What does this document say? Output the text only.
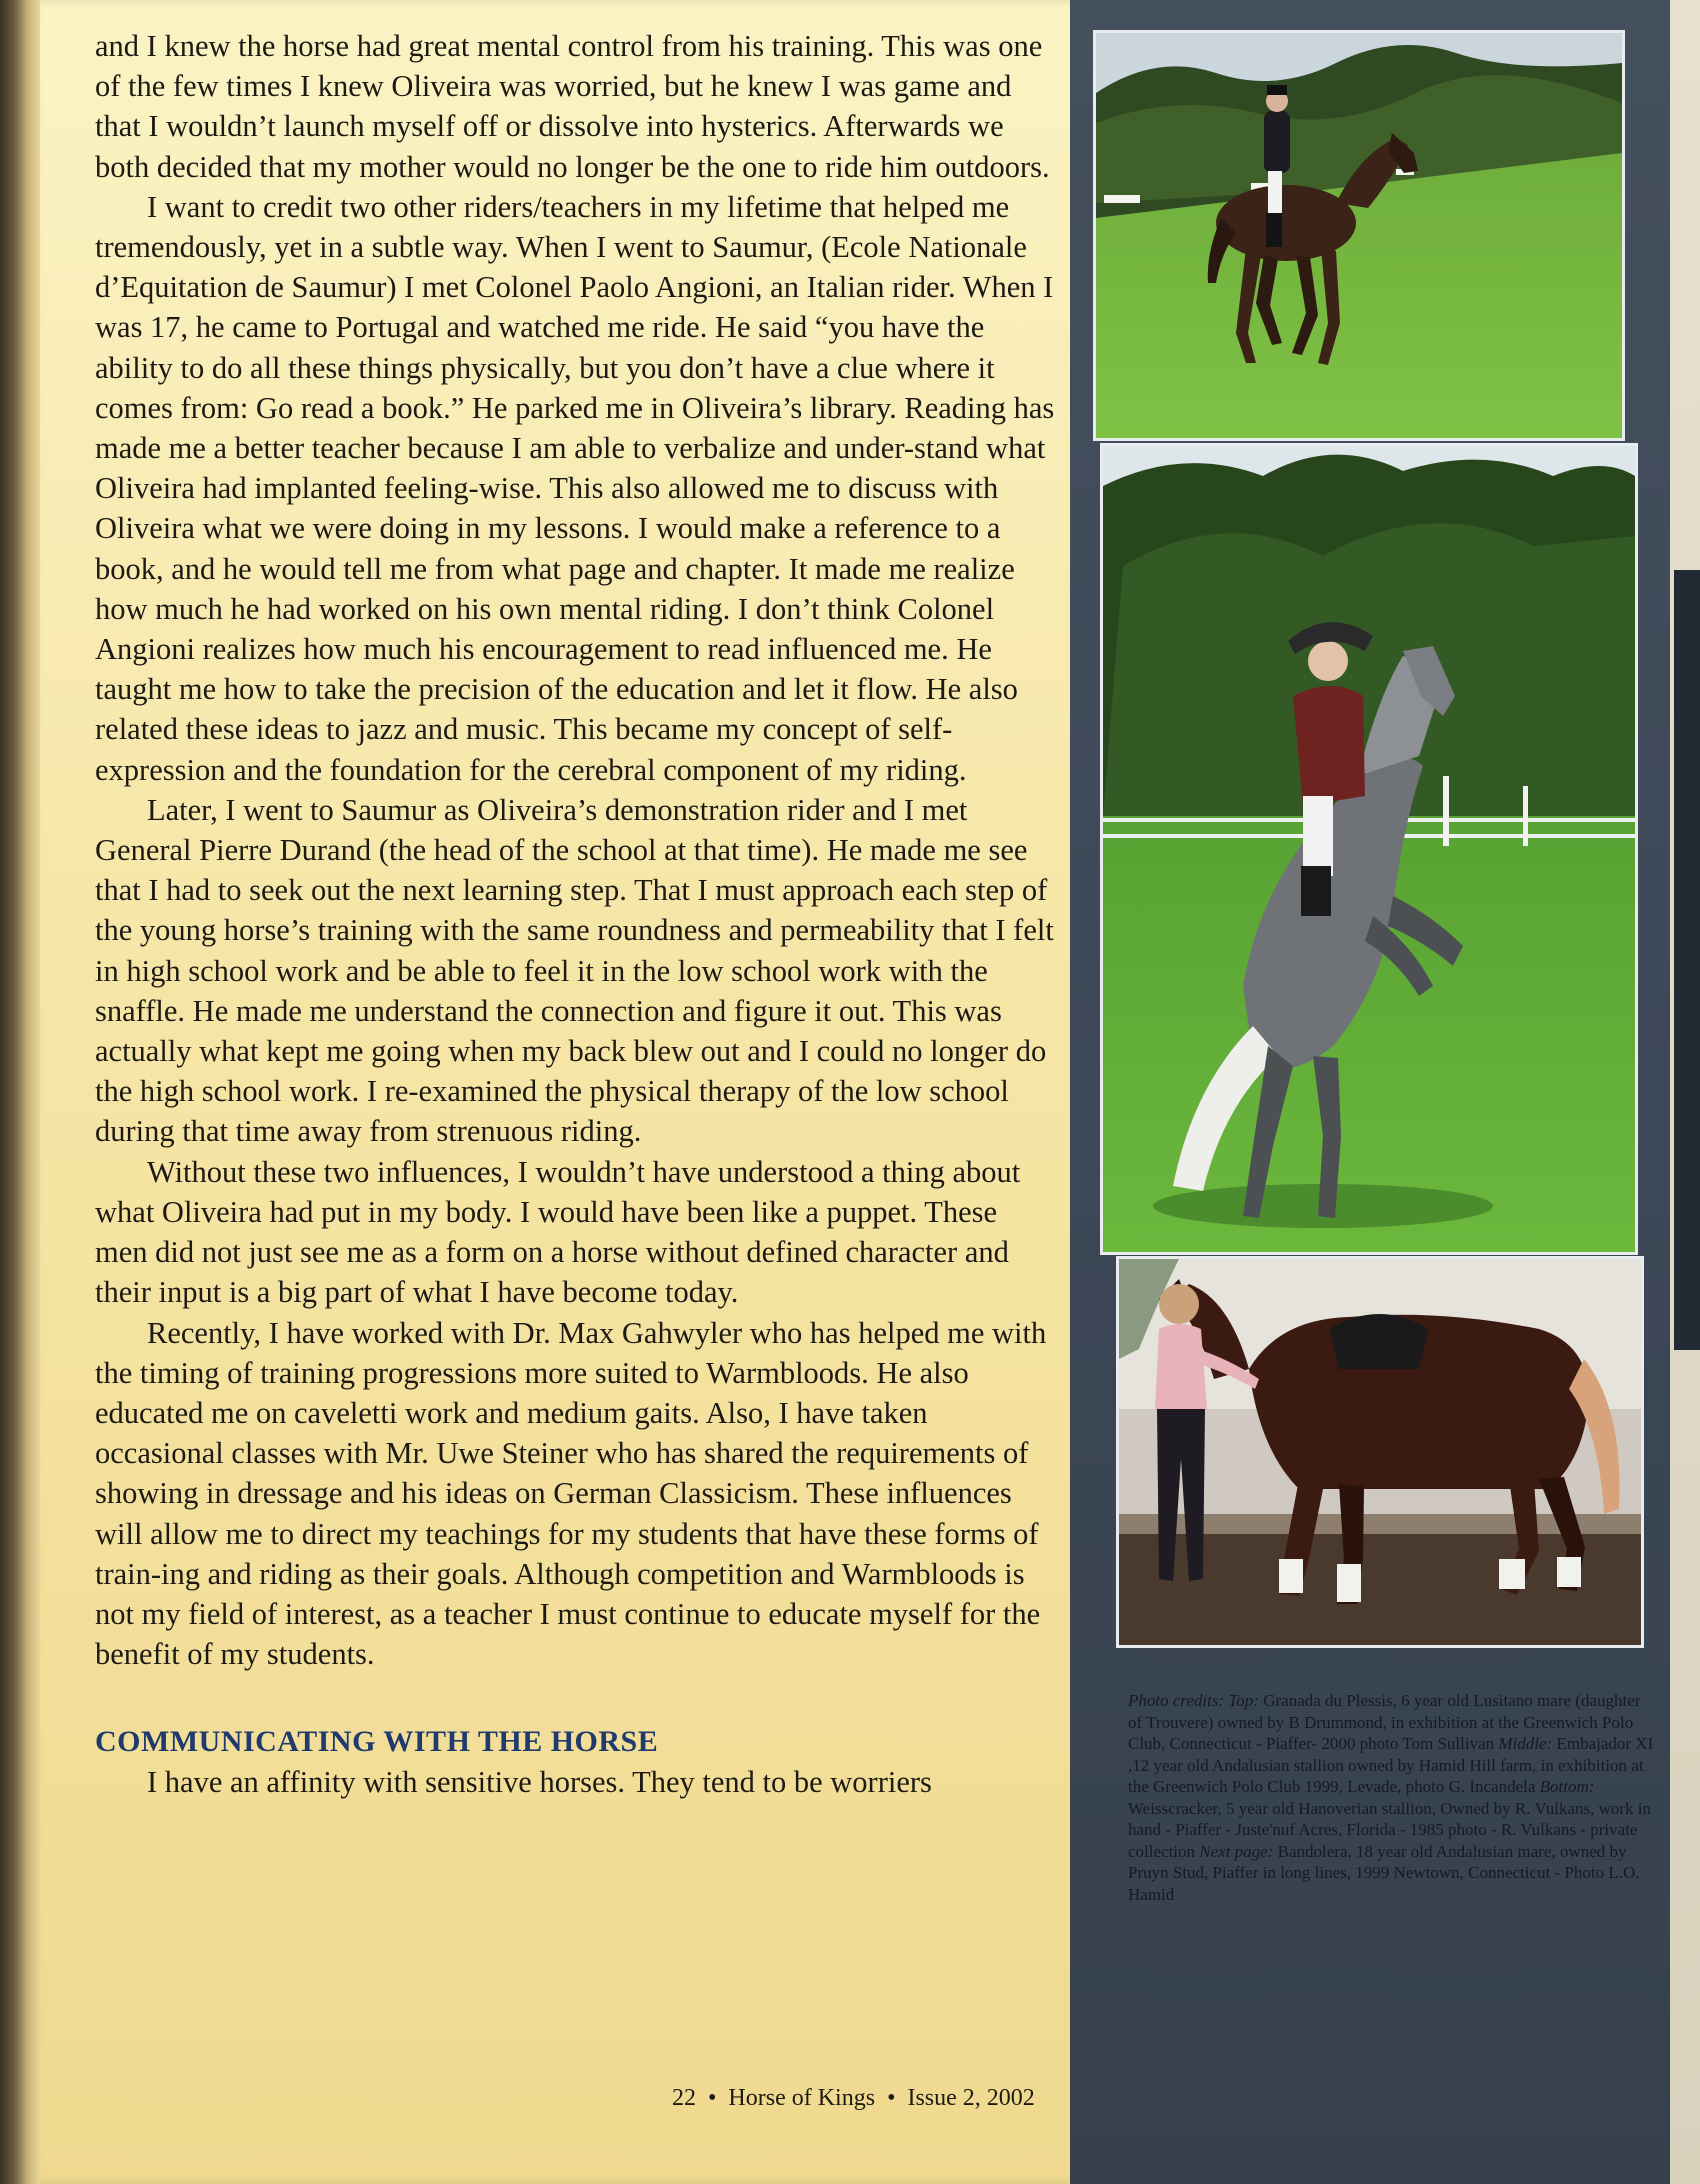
and I knew the horse had great mental control from his training. This was one of the few times I knew Oliveira was worried, but he knew I was game and that I wouldn’t launch myself off or dissolve into hysterics. Afterwards we both decided that my mother would no longer be the one to ride him outdoors.

I want to credit two other riders/teachers in my lifetime that helped me tremendously, yet in a subtle way. When I went to Saumur, (Ecole Nationale d’Equitation de Saumur) I met Colonel Paolo Angioni, an Italian rider. When I was 17, he came to Portugal and watched me ride. He said “you have the ability to do all these things physically, but you don’t have a clue where it comes from: Go read a book.” He parked me in Oliveira’s library. Reading has made me a better teacher because I am able to verbalize and under-stand what Oliveira had implanted feeling-wise. This also allowed me to discuss with Oliveira what we were doing in my lessons. I would make a reference to a book, and he would tell me from what page and chapter. It made me realize how much he had worked on his own mental riding. I don’t think Colonel Angioni realizes how much his encouragement to read influenced me. He taught me how to take the precision of the education and let it flow. He also related these ideas to jazz and music. This became my concept of self-expression and the foundation for the cerebral component of my riding.

Later, I went to Saumur as Oliveira’s demonstration rider and I met General Pierre Durand (the head of the school at that time). He made me see that I had to seek out the next learning step. That I must approach each step of the young horse’s training with the same roundness and permeability that I felt in high school work and be able to feel it in the low school work with the snaffle. He made me understand the connection and figure it out. This was actually what kept me going when my back blew out and I could no longer do the high school work. I re-examined the physical therapy of the low school during that time away from strenuous riding.

Without these two influences, I wouldn’t have understood a thing about what Oliveira had put in my body. I would have been like a puppet. These men did not just see me as a form on a horse without defined character and their input is a big part of what I have become today.

Recently, I have worked with Dr. Max Gahwyler who has helped me with the timing of training progressions more suited to Warmbloods. He also educated me on caveletti work and medium gaits. Also, I have taken occasional classes with Mr. Uwe Steiner who has shared the requirements of showing in dressage and his ideas on German Classicism. These influences will allow me to direct my teachings for my students that have these forms of train-ing and riding as their goals. Although competition and Warmbloods is not my field of interest, as a teacher I must continue to educate myself for the benefit of my students.

COMMUNICATING WITH THE HORSE

I have an affinity with sensitive horses. They tend to be worriers

Photo credits: Top: Granada du Plessis, 6 year old Lusitano mare (daughter of Trouvere) owned by B Drummond, in exhibition at the Greenwich Polo Club, Connecticut - Piaffer- 2000 photo Tom Sullivan Middle: Embajador XI ,12 year old Andalusian stallion owned by Hamid Hill farm, in exhibition at the Greenwich Polo Club 1999, Levade, photo G. Incandela Bottom: Weisscracker, 5 year old Hanoverian stallion, Owned by R. Vulkans, work in hand - Piaffer - Juste'nuf Acres, Florida - 1985 photo - R. Vulkans - private collection Next page: Bandolera, 18 year old Andalusian mare, owned by Pruyn Stud, Piaffer in long lines, 1999 Newtown, Connecticut - Photo L.O. Hamid
22 • Horse of Kings • Issue 2, 2002
